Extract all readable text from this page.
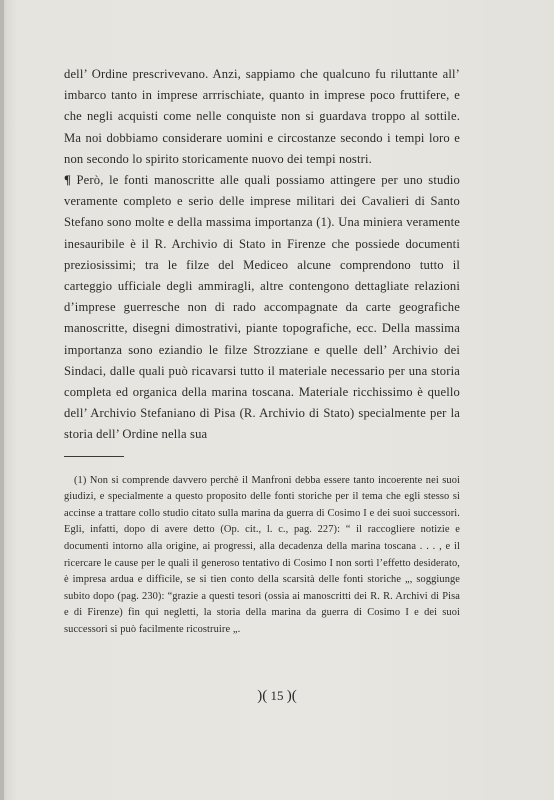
dell’ Ordine prescrivevano. Anzi, sappiamo che qualcuno fu riluttante all’ imbarco tanto in imprese arrrischiate, quanto in imprese poco fruttifere, e che negli acquisti come nelle conquiste non si guardava troppo al sottile. Ma noi dobbiamo considerare uomini e circostanze secondo i tempi loro e non secondo lo spirito storicamente nuovo dei tempi nostri.

¶ Però, le fonti manoscritte alle quali possiamo attingere per uno studio veramente completo e serio delle imprese militari dei Cavalieri di Santo Stefano sono molte e della massima importanza (1). Una miniera veramente inesauribile è il R. Archivio di Stato in Firenze che possiede documenti preziosissimi; tra le filze del Mediceo alcune comprendono tutto il carteggio ufficiale degli ammiragli, altre contengono dettagliate relazioni d’imprese guerresche non di rado accompagnate da carte geografiche manoscritte, disegni dimostrativi, piante topografiche, ecc. Della massima importanza sono eziandio le filze Strozziane e quelle dell’ Archivio dei Sindaci, dalle quali può ricavarsi tutto il materiale necessario per una storia completa ed organica della marina toscana. Materiale ricchissimo è quello dell’ Archivio Stefaniano di Pisa (R. Archivio di Stato) specialmente per la storia dell’ Ordine nella sua

(1) Non si comprende davvero perchè il Manfroni debba essere tanto incoerente nei suoi giudizi, e specialmente a questo proposito delle fonti storiche per il tema che egli stesso si accinse a trattare collo studio citato sulla marina da guerra di Cosimo I e dei suoi successori. Egli, infatti, dopo di avere detto (Op. cit., l. c., pag. 227): “ il raccogliere notizie e documenti intorno alla origine, ai progressi, alla decadenza della marina toscana . . . , e il ricercare le cause per le quali il generoso tentativo di Cosimo I non sortì l’effetto desiderato, è impresa ardua e difficile, se si tien conto della scarsità delle fonti storiche „, soggiunge subito dopo (pag. 230): “grazie a questi tesori (ossia ai manoscritti dei R. R. Archivi di Pisa e di Firenze) fin qui negletti, la storia della marina da guerra di Cosimo I e dei suoi successori si può facilmente ricostruire „.

)( 15 )(
